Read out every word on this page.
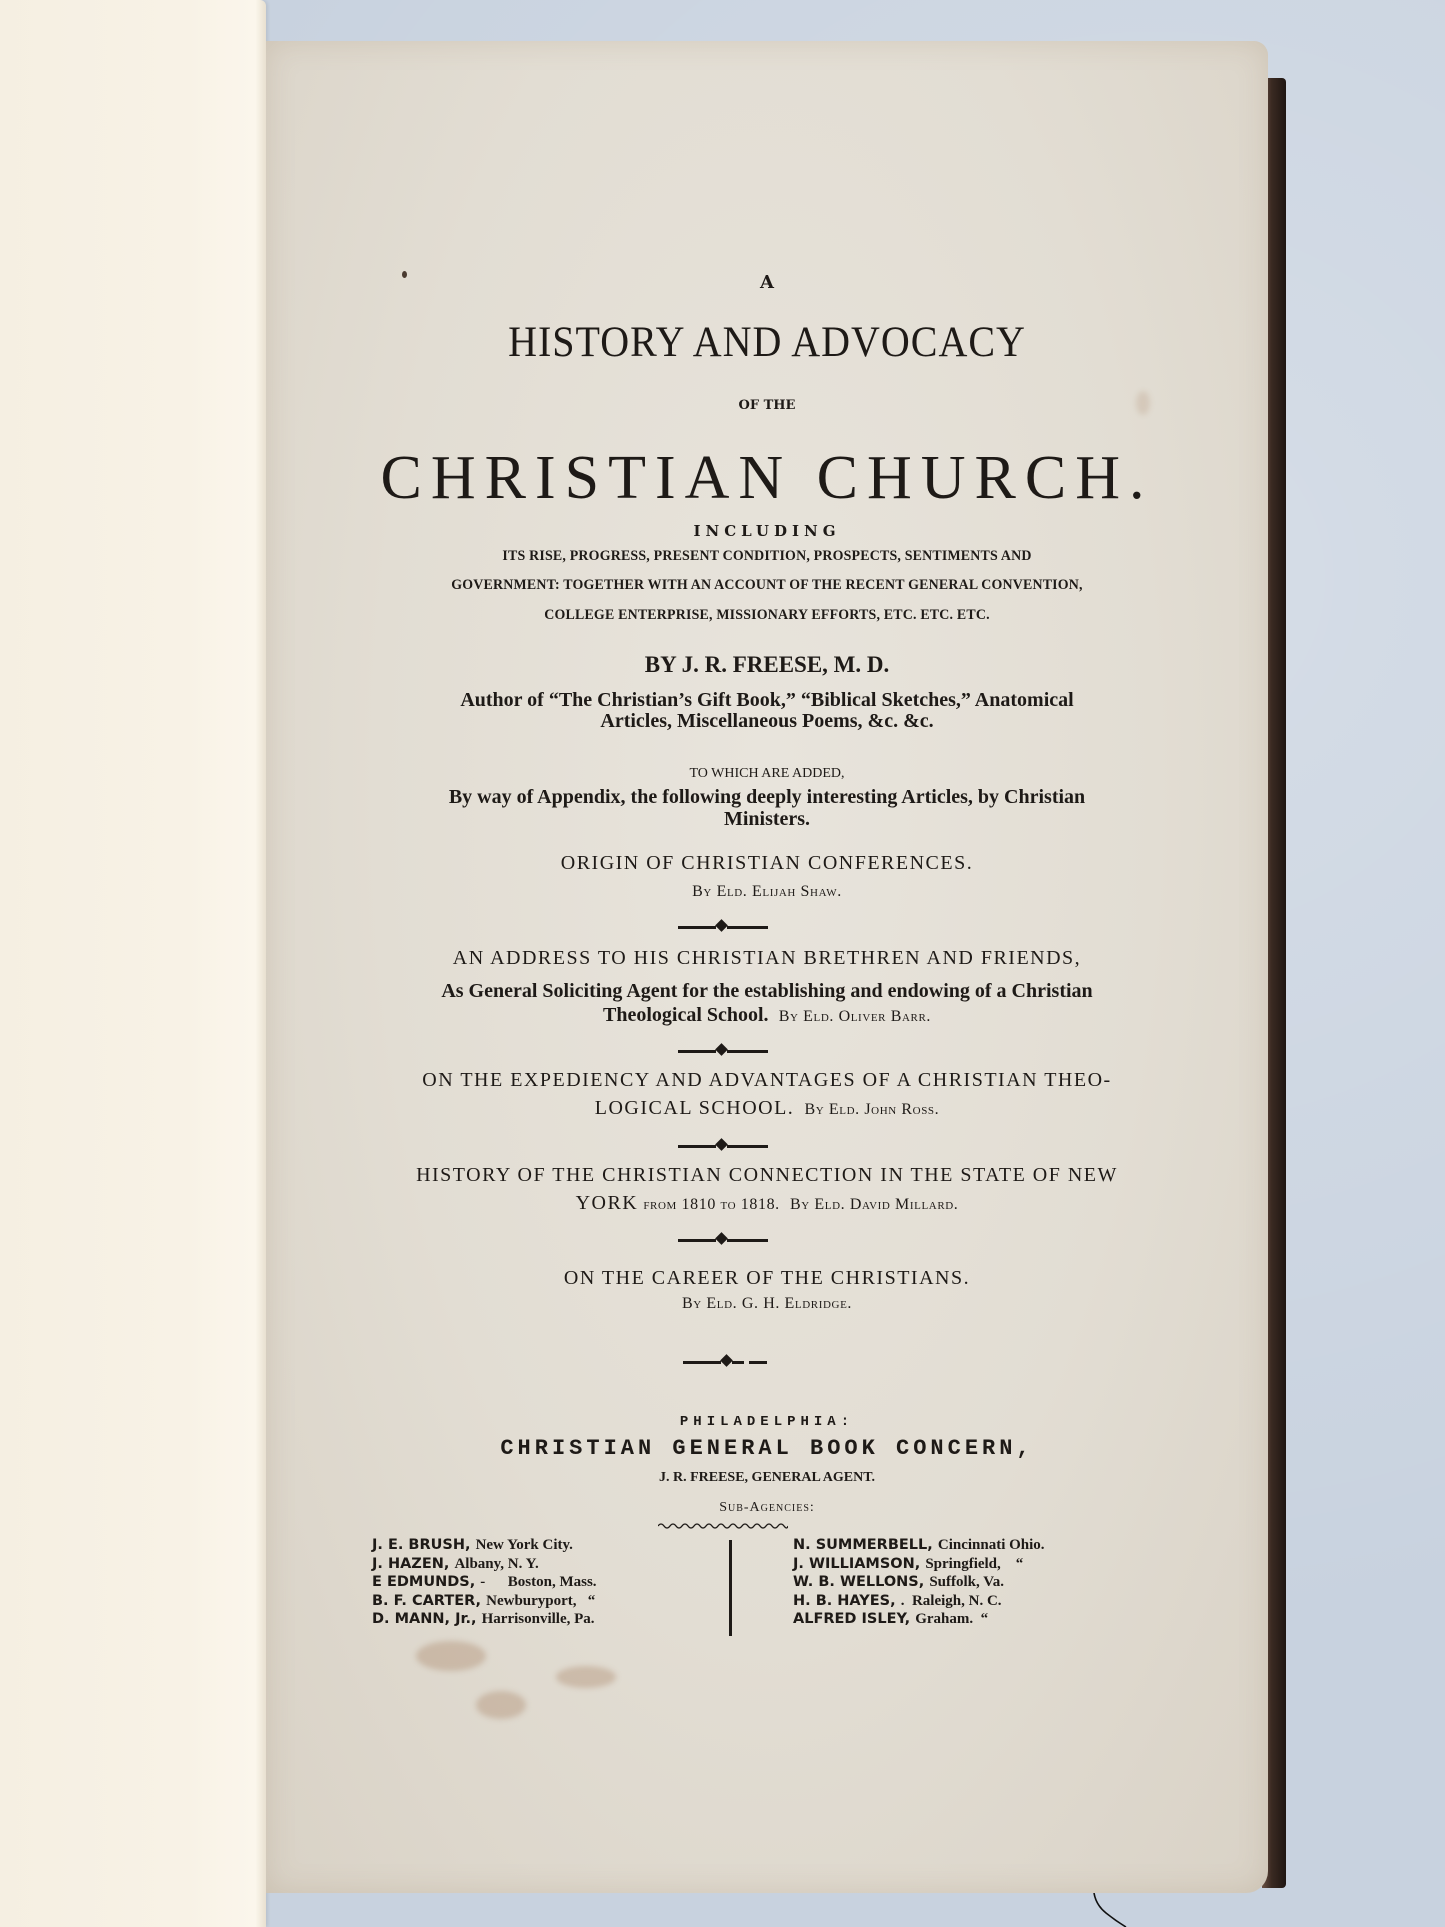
A
HISTORY AND ADVOCACY
OF THE
CHRISTIAN CHURCH.
INCLUDING
ITS RISE, PROGRESS, PRESENT CONDITION, PROSPECTS, SENTIMENTS AND
GOVERNMENT: TOGETHER WITH AN ACCOUNT OF THE RECENT GENERAL CONVENTION,
COLLEGE ENTERPRISE, MISSIONARY EFFORTS, ETC. ETC. ETC.
BY J. R. FREESE, M. D.
Author of “The Christian’s Gift Book,” “Biblical Sketches,” Anatomical
Articles, Miscellaneous Poems, &c. &c.
TO WHICH ARE ADDED,
By way of Appendix, the following deeply interesting Articles, by Christian
Ministers.
ORIGIN OF CHRISTIAN CONFERENCES.
By Eld. Elijah Shaw.
AN ADDRESS TO HIS CHRISTIAN BRETHREN AND FRIENDS,
As General Soliciting Agent for the establishing and endowing of a Christian
Theological School. By Eld. Oliver Barr.
ON THE EXPEDIENCY AND ADVANTAGES OF A CHRISTIAN THEO-
LOGICAL SCHOOL. By Eld. John Ross.
HISTORY OF THE CHRISTIAN CONNECTION IN THE STATE OF NEW
YORK from 1810 to 1818. By Eld. David Millard.
ON THE CAREER OF THE CHRISTIANS.
By Eld. G. H. Eldridge.
PHILADELPHIA:
CHRISTIAN GENERAL BOOK CONCERN,
J. R. FREESE, GENERAL AGENT.
Sub-Agencies:
J. E. BRUSH, New York City.
J. HAZEN, Albany, N. Y.
E EDMUNDS, -      Boston, Mass.
B. F. CARTER, Newburyport,   “
D. MANN, Jr., Harrisonville, Pa.
N. SUMMERBELL, Cincinnati Ohio.
J. WILLIAMSON, Springfield,    “
W. B. WELLONS, Suffolk, Va.
H. B. HAYES, .  Raleigh, N. C.
ALFRED ISLEY, Graham.  “
